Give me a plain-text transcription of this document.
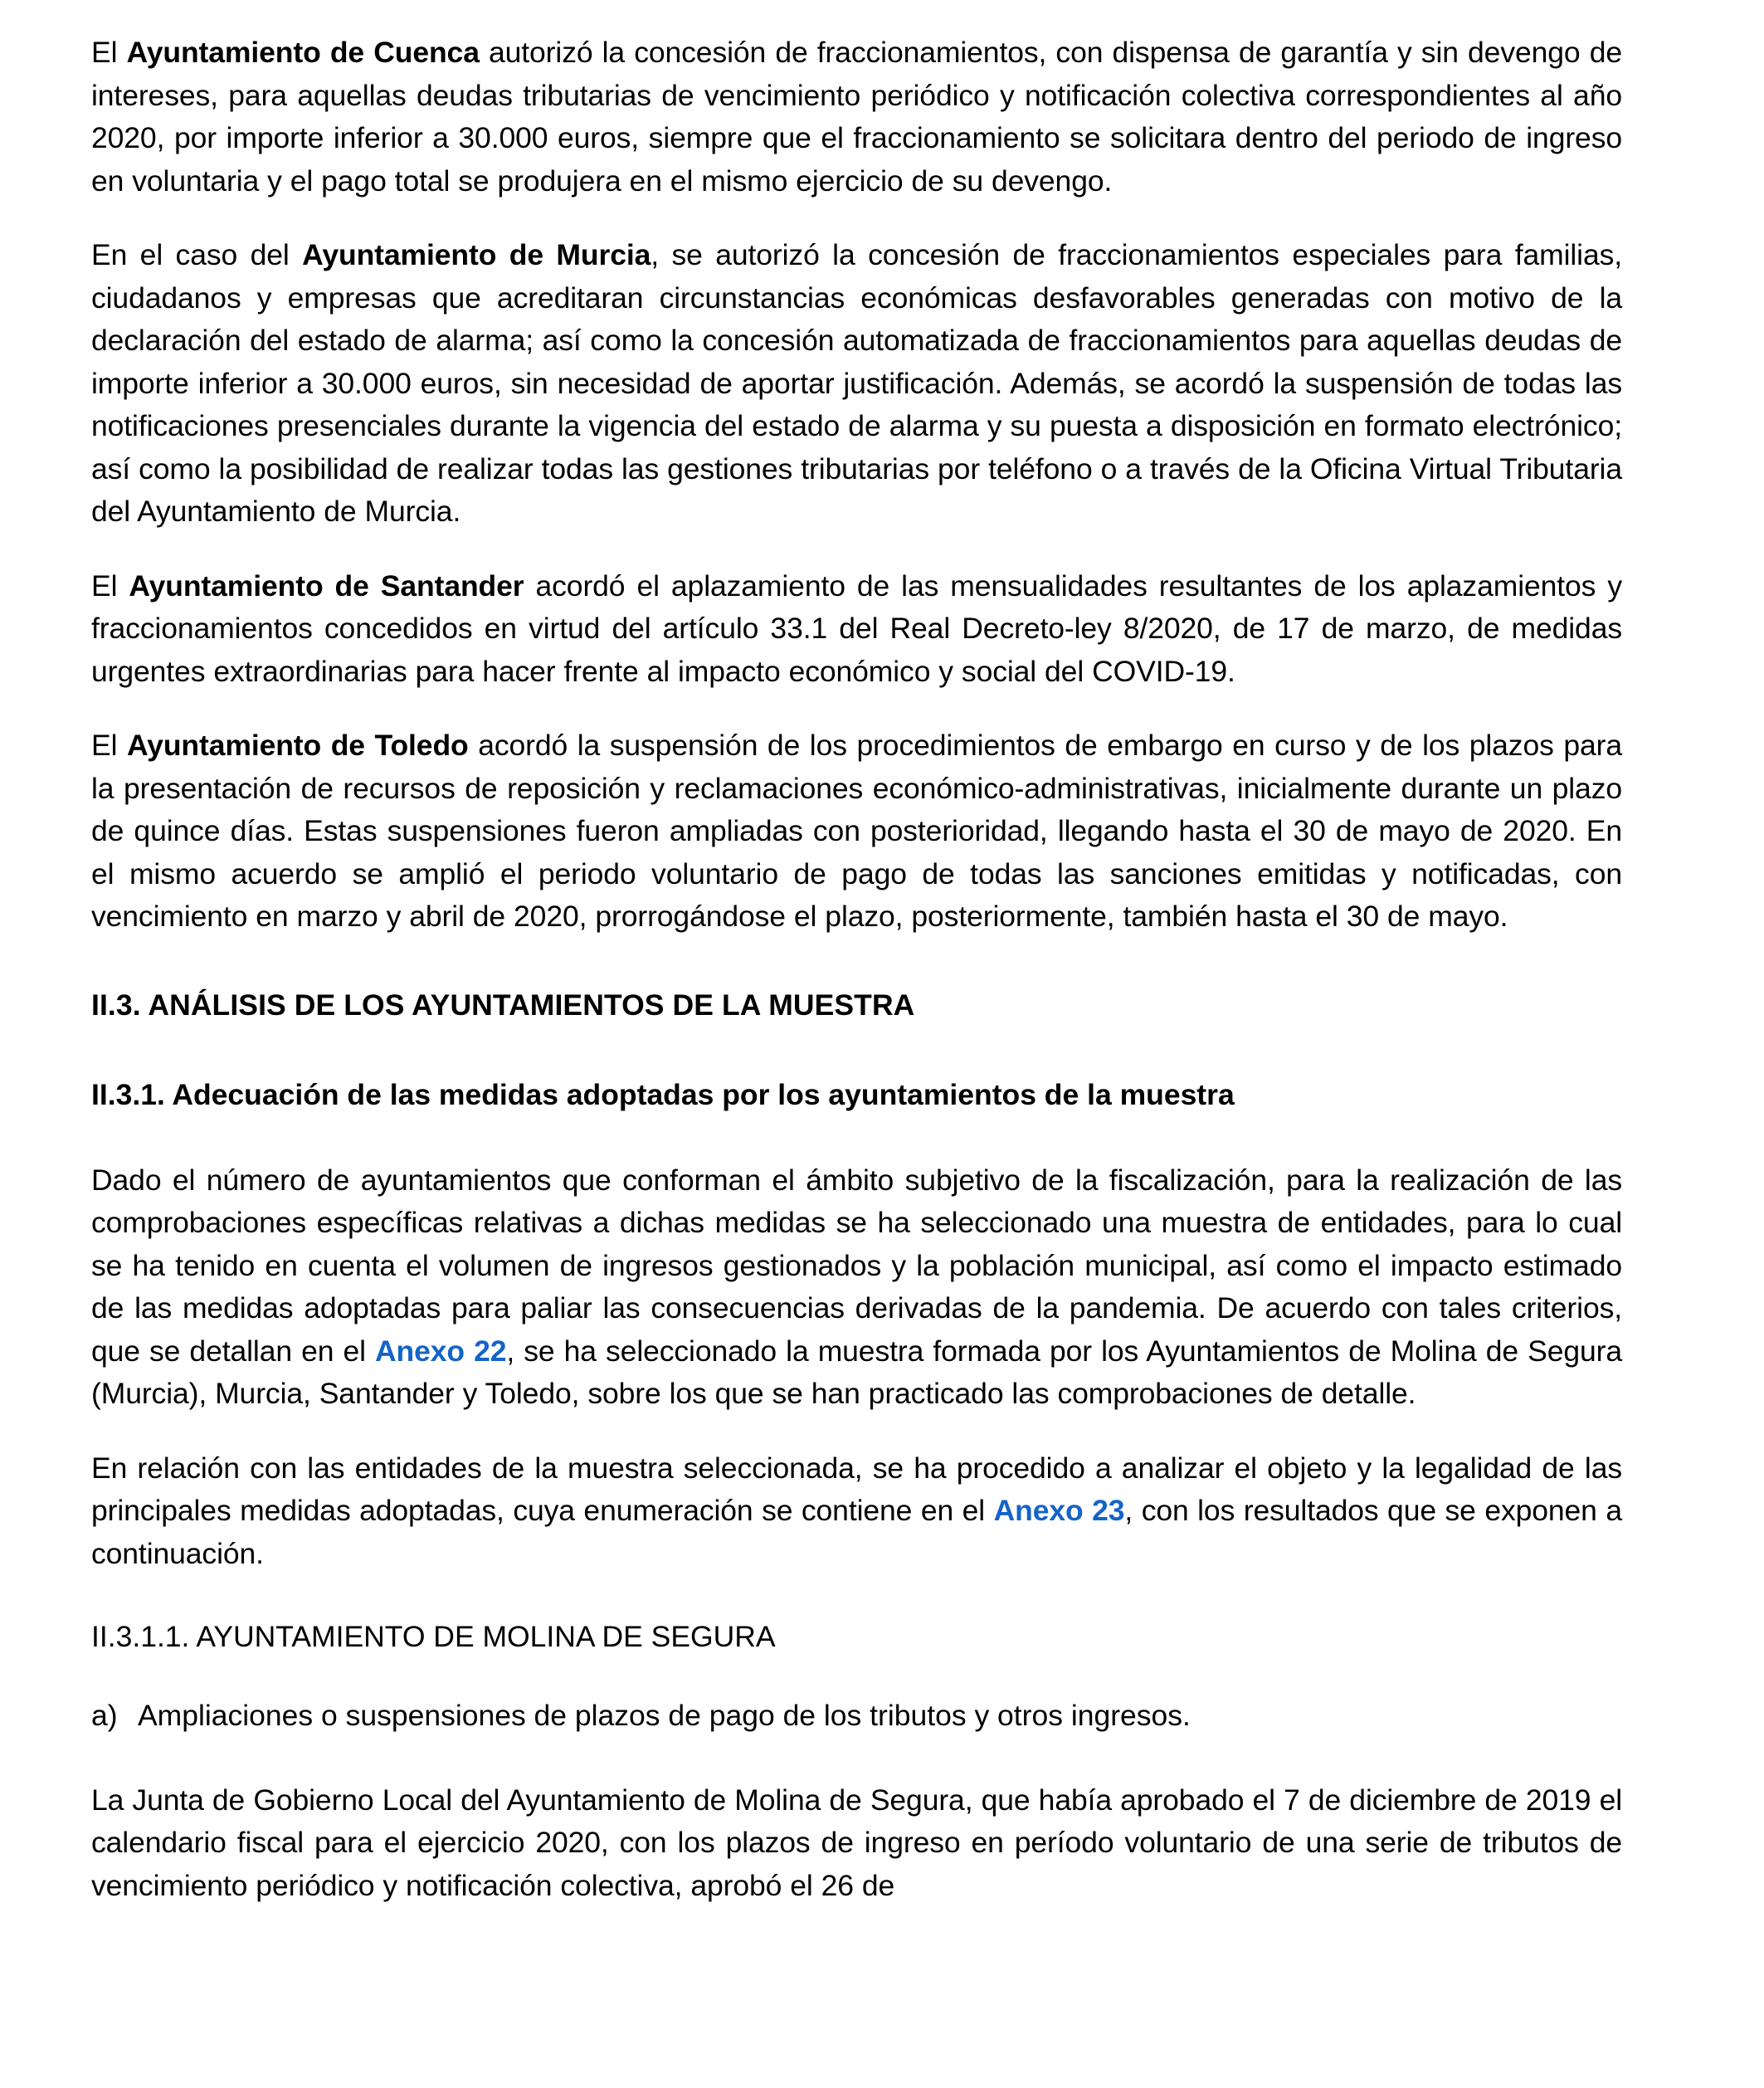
El Ayuntamiento de Cuenca autorizó la concesión de fraccionamientos, con dispensa de garantía y sin devengo de intereses, para aquellas deudas tributarias de vencimiento periódico y notificación colectiva correspondientes al año 2020, por importe inferior a 30.000 euros, siempre que el fraccionamiento se solicitara dentro del periodo de ingreso en voluntaria y el pago total se produjera en el mismo ejercicio de su devengo.

En el caso del Ayuntamiento de Murcia, se autorizó la concesión de fraccionamientos especiales para familias, ciudadanos y empresas que acreditaran circunstancias económicas desfavorables generadas con motivo de la declaración del estado de alarma; así como la concesión automatizada de fraccionamientos para aquellas deudas de importe inferior a 30.000 euros, sin necesidad de aportar justificación. Además, se acordó la suspensión de todas las notificaciones presenciales durante la vigencia del estado de alarma y su puesta a disposición en formato electrónico; así como la posibilidad de realizar todas las gestiones tributarias por teléfono o a través de la Oficina Virtual Tributaria del Ayuntamiento de Murcia.

El Ayuntamiento de Santander acordó el aplazamiento de las mensualidades resultantes de los aplazamientos y fraccionamientos concedidos en virtud del artículo 33.1 del Real Decreto-ley 8/2020, de 17 de marzo, de medidas urgentes extraordinarias para hacer frente al impacto económico y social del COVID-19.

El Ayuntamiento de Toledo acordó la suspensión de los procedimientos de embargo en curso y de los plazos para la presentación de recursos de reposición y reclamaciones económico-administrativas, inicialmente durante un plazo de quince días. Estas suspensiones fueron ampliadas con posterioridad, llegando hasta el 30 de mayo de 2020. En el mismo acuerdo se amplió el periodo voluntario de pago de todas las sanciones emitidas y notificadas, con vencimiento en marzo y abril de 2020, prorrogándose el plazo, posteriormente, también hasta el 30 de mayo.

II.3. ANÁLISIS DE LOS AYUNTAMIENTOS DE LA MUESTRA
II.3.1. Adecuación de las medidas adoptadas por los ayuntamientos de la muestra

Dado el número de ayuntamientos que conforman el ámbito subjetivo de la fiscalización, para la realización de las comprobaciones específicas relativas a dichas medidas se ha seleccionado una muestra de entidades, para lo cual se ha tenido en cuenta el volumen de ingresos gestionados y la población municipal, así como el impacto estimado de las medidas adoptadas para paliar las consecuencias derivadas de la pandemia. De acuerdo con tales criterios, que se detallan en el Anexo 22, se ha seleccionado la muestra formada por los Ayuntamientos de Molina de Segura (Murcia), Murcia, Santander y Toledo, sobre los que se han practicado las comprobaciones de detalle.

En relación con las entidades de la muestra seleccionada, se ha procedido a analizar el objeto y la legalidad de las principales medidas adoptadas, cuya enumeración se contiene en el Anexo 23, con los resultados que se exponen a continuación.

II.3.1.1. AYUNTAMIENTO DE MOLINA DE SEGURA
a) Ampliaciones o suspensiones de plazos de pago de los tributos y otros ingresos.

La Junta de Gobierno Local del Ayuntamiento de Molina de Segura, que había aprobado el 7 de diciembre de 2019 el calendario fiscal para el ejercicio 2020, con los plazos de ingreso en período voluntario de una serie de tributos de vencimiento periódico y notificación colectiva, aprobó el 26 de
